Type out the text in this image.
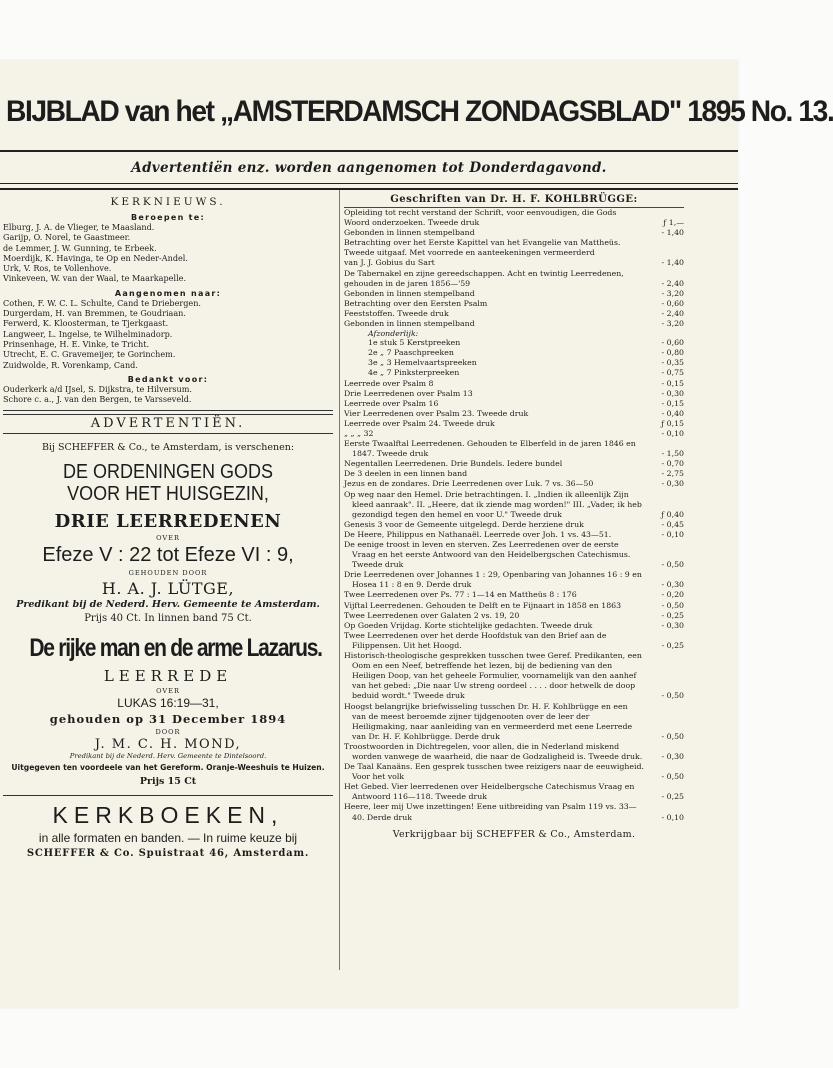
BIJBLAD van het „AMSTERDAMSCH ZONDAGSBLAD" 1895 No. 13.
Advertentiën enz. worden aangenomen tot Donderdagavond.
KERKNIEUWS.
Beroepen te:
Elburg, J. A. de Vlieger, te Maasland.
Garijp, O. Norel, te Gaastmeer.
de Lemmer, J. W. Gunning, te Erbeek.
Moerdijk, K. Havinga, te Op en Neder-Andel.
Urk, V. Ros, te Vollenhove.
Vinkeveen, W. van der Waal, te Maarkapelle.
Aangenomen naar:
Cothen, F. W. C. L. Schulte, Cand te Driebergen.
Durgerdam, H. van Bremmen, te Goudriaan.
Ferwerd, K. Kloosterman, te Tjerkgaast.
Langweer, L. Ingelse, te Wilhelminadorp.
Prinsenhage, H. E. Vinke, te Tricht.
Utrecht, E. C. Gravemeijer, te Gorinchem.
Zuidwolde, R. Vorenkamp, Cand.
Bedankt voor:
Ouderkerk a/d IJsel, S. Dijkstra, te Hilversum.
Schore c. a., J. van den Bergen, te Varsseveld.
ADVERTENTIËN.
Bij SCHEFFER & Co., te Amsterdam, is verschenen:
DE ORDENINGEN GODS
VOOR HET HUISGEZIN,
DRIE LEERREDENEN
OVER
Efeze V : 22 tot Efeze VI : 9,
GEHOUDEN DOOR
H. A. J. LÜTGE,
Predikant bij de Nederd. Herv. Gemeente te Amsterdam.
Prijs 40 Ct. In linnen band 75 Ct.
De rijke man en de arme Lazarus.
LEERREDE
OVER
LUKAS 16:19—31,
gehouden op 31 December 1894
DOOR
J. M. C. H. MOND,
Predikant bij de Nederd. Herv. Gemeente te Dintelsoord.
Uitgegeven ten voordeele van het Gereform. Oranje-Weeshuis te Huizen.
Prijs 15 Ct
KERKBOEKEN,
in alle formaten en banden. — In ruime keuze bij
SCHEFFER & Co. Spuistraat 46, Amsterdam.
Geschriften van Dr. H. F. KOHLBRÜGGE:
Opleiding tot recht verstand der Schrift, voor eenvoudigen, die Gods
Woord onderzoeken. Tweede druk	ƒ 1,—
Gebonden in linnen stempelband	- 1,40
Betrachting over het Eerste Kapittel van het Evangelie van Mattheüs.
Tweede uitgaaf. Met voorrede en aanteekeningen vermeerderd
van J. J. Gobius du Sart	- 1,40
De Tabernakel en zijne gereedschappen. Acht en twintig Leerredenen,
gehouden in de jaren 1856—'59	- 2,40
Gebonden in linnen stempelband	- 3,20
Betrachting over den Eersten Psalm	- 0,60
Feeststoffen. Tweede druk	- 2,40
Gebonden in linnen stempelband	- 3,20
Afzonderlijk:
1e stuk 5 Kerstpreeken	- 0,60
2e „ 7 Paaschpreeken	- 0,80
3e „ 3 Hemelvaartspreeken	- 0,35
4e „ 7 Pinksterpreeken	- 0,75
Leerrede over Psalm 8	- 0,15
Drie Leerredenen over Psalm 13	- 0,30
Leerrede over Psalm 16	- 0,15
Vier Leerredenen over Psalm 23. Tweede druk	- 0,40
Leerrede over Psalm 24. Tweede druk	ƒ 0,15
„ „ „ 32	- 0,10
Eerste Twaalftal Leerredenen. Gehouden te Elberfeld in de jaren 1846 en 1847. Tweede druk	- 1,50
Negentallen Leerredenen. Drie Bundels. Iedere bundel	- 0,70
De 3 deelen in een linnen band	- 2,75
Jezus en de zondares. Drie Leerredenen over Luk. 7 vs. 36—50	- 0,30
Op weg naar den Hemel. Drie betrachtingen. I. „Indien ik alleenlijk Zijn kleed aanraak". II. „Heere, dat ik ziende mag worden!" III. „Vader, ik heb gezondigd tegen den hemel en voor U." Tweede druk	ƒ 0,40
Genesis 3 voor de Gemeente uitgelegd. Derde herziene druk	- 0,45
De Heere, Philippus en Nathanaël. Leerrede over Joh. 1 vs. 43—51.	- 0,10
De eenige troost in leven en sterven. Zes Leerredenen over de eerste Vraag en het eerste Antwoord van den Heidelbergschen Catechismus. Tweede druk	- 0,50
Drie Leerredenen over Johannes 1 : 29, Openbaring van Johannes 16 : 9 en Hosea 11 : 8 en 9. Derde druk	- 0,30
Twee Leerredenen over Ps. 77 : 1—14 en Mattheüs 8 : 176	- 0,20
Vijftal Leerredenen. Gehouden te Delft en te Fijnaart in 1858 en 1863	- 0,50
Twee Leerredenen over Galaten 2 vs. 19, 20	- 0,25
Op Goeden Vrijdag. Korte stichtelijke gedachten. Tweede druk	- 0,30
Twee Leerredenen over het derde Hoofdstuk van den Brief aan de Filippensen. Uit het Hoogd.	- 0,25
Historisch-theologische gesprekken tusschen twee Geref. Predikanten, een Oom en een Neef, betreffende het lezen, bij de bediening van den Heiligen Doop, van het geheele Formulier, voornamelijk van den aanhef van het gebed: „Die naar Uw streng oordeel . . . . door hetwelk de doop beduid wordt." Tweede druk	- 0,50
Hoogst belangrijke briefwisseling tusschen Dr. H. F. Kohlbrügge en een van de meest beroemde zijner tijdgenooten over de leer der Heiligmaking, naar aanleiding van en vermeerderd met eene Leerrede van Dr. H. F. Kohlbrügge. Derde druk	- 0,50
Troostwoorden in Dichtregelen, voor allen, die in Nederland miskend worden vanwege de waarheid, die naar de Godzaligheid is. Tweede druk.	- 0,30
De Taal Kanaäns. Een gesprek tusschen twee reizigers naar de eeuwigheid. Voor het volk	- 0,50
Het Gebed. Vier leerredenen over Heidelbergsche Catechismus Vraag en Antwoord 116—118. Tweede druk	- 0,25
Heere, leer mij Uwe inzettingen! Eene uitbreiding van Psalm 119 vs. 33—40. Derde druk	- 0,10
Verkrijgbaar bij SCHEFFER & Co., Amsterdam.
